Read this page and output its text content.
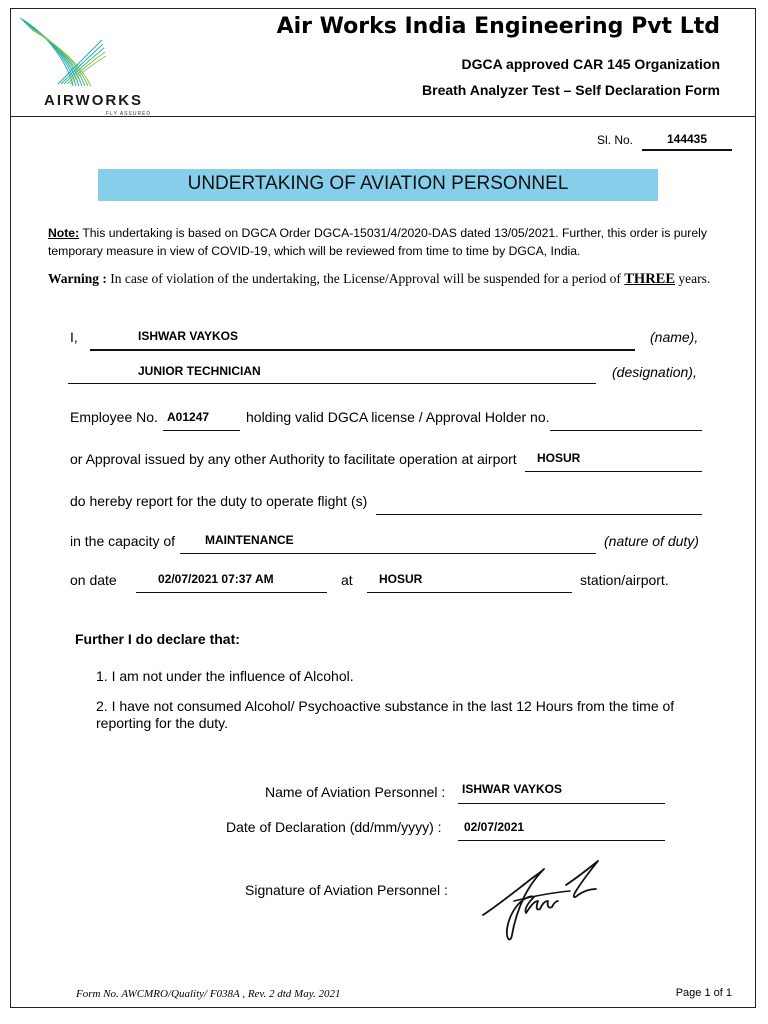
AIRWORKS
FLY ASSURED
Air Works India Engineering Pvt Ltd
DGCA approved CAR 145 Organization
Breath Analyzer Test – Self Declaration Form
Sl. No.	144435
UNDERTAKING OF AVIATION PERSONNEL
Note: This undertaking is based on DGCA Order DGCA-15031/4/2020-DAS dated 13/05/2021. Further, this order is purely temporary measure in view of COVID-19, which will be reviewed from time to time by DGCA, India.
Warning : In case of violation of the undertaking, the License/Approval will be suspended for a period of THREE years.
I,	ISHWAR VAYKOS	(name),
JUNIOR TECHNICIAN	(designation),
Employee No. A01247	holding valid DGCA license / Approval Holder no.
or Approval issued by any other Authority to facilitate operation at airport HOSUR
do hereby report for the duty to operate flight (s)
in the capacity of MAINTENANCE	(nature of duty)
on date	02/07/2021 07:37 AM	at HOSUR	station/airport.
Further I do declare that:
1. I am not under the influence of Alcohol.
2. I have not consumed Alcohol/ Psychoactive substance in the last 12 Hours from the time of reporting for the duty.
Name of Aviation Personnel : ISHWAR VAYKOS
Date of Declaration (dd/mm/yyyy) : 02/07/2021
Signature of Aviation Personnel :
Form No. AWCMRO/Quality/ F038A , Rev. 2 dtd May. 2021	Page 1 of 1
